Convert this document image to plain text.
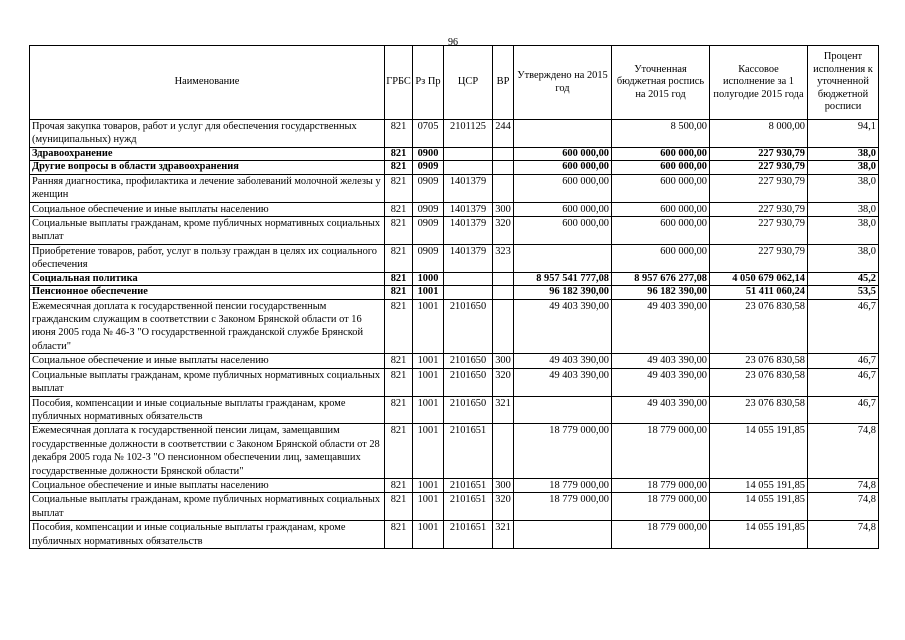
96
Наименование	ГРБС	Рз Пр	ЦСР	ВР	Утверждено на 2015 год	Уточненная бюджетная роспись на 2015 год	Кассовое исполнение за 1 полугодие 2015 года	Процент исполнения к уточненной бюджетной росписи
Прочая закупка товаров, работ и услуг для обеспечения государственных (муниципальных) нужд	821	0705	2101125	244		8 500,00	8 000,00	94,1
Здравоохранение	821	0900			600 000,00	600 000,00	227 930,79	38,0
Другие вопросы в области здравоохранения	821	0909			600 000,00	600 000,00	227 930,79	38,0
Ранняя диагностика, профилактика и лечение заболеваний молочной железы у женщин	821	0909	1401379		600 000,00	600 000,00	227 930,79	38,0
Социальное обеспечение и иные выплаты населению	821	0909	1401379	300	600 000,00	600 000,00	227 930,79	38,0
Социальные выплаты гражданам, кроме публичных нормативных социальных выплат	821	0909	1401379	320	600 000,00	600 000,00	227 930,79	38,0
Приобретение товаров, работ, услуг в пользу граждан в целях их социального обеспечения	821	0909	1401379	323		600 000,00	227 930,79	38,0
Социальная политика	821	1000			8 957 541 777,08	8 957 676 277,08	4 050 679 062,14	45,2
Пенсионное обеспечение	821	1001			96 182 390,00	96 182 390,00	51 411 060,24	53,5
Ежемесячная доплата к государственной пенсии государственным гражданским служащим в соответствии с Законом Брянской области от 16 июня 2005 года № 46-З "О государственной гражданской службе Брянской области"	821	1001	2101650		49 403 390,00	49 403 390,00	23 076 830,58	46,7
Социальное обеспечение и иные выплаты населению	821	1001	2101650	300	49 403 390,00	49 403 390,00	23 076 830,58	46,7
Социальные выплаты гражданам, кроме публичных нормативных социальных выплат	821	1001	2101650	320	49 403 390,00	49 403 390,00	23 076 830,58	46,7
Пособия, компенсации и иные социальные выплаты гражданам, кроме публичных нормативных обязательств	821	1001	2101650	321		49 403 390,00	23 076 830,58	46,7
Ежемесячная доплата к государственной пенсии лицам, замещавшим государственные должности в соответствии с Законом Брянской области от 28 декабря 2005 года № 102-З "О пенсионном обеспечении лиц, замещавших государственные должности Брянской области"	821	1001	2101651		18 779 000,00	18 779 000,00	14 055 191,85	74,8
Социальное обеспечение и иные выплаты населению	821	1001	2101651	300	18 779 000,00	18 779 000,00	14 055 191,85	74,8
Социальные выплаты гражданам, кроме публичных нормативных социальных выплат	821	1001	2101651	320	18 779 000,00	18 779 000,00	14 055 191,85	74,8
Пособия, компенсации и иные социальные выплаты гражданам, кроме публичных нормативных обязательств	821	1001	2101651	321		18 779 000,00	14 055 191,85	74,8
